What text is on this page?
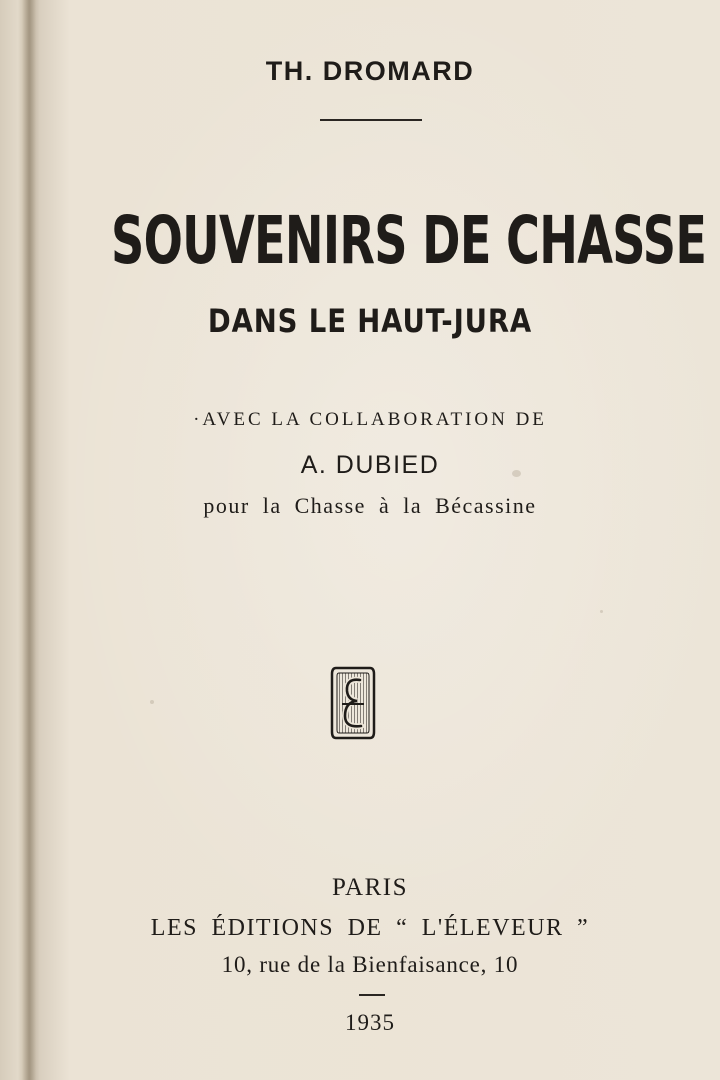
TH. DROMARD
SOUVENIRS DE CHASSE
DANS LE HAUT-JURA
·AVEC LA COLLABORATION DE
A. DUBIED
pour la Chasse à la Bécassine
PARIS
LES ÉDITIONS DE “ L'ÉLEVEUR ”
10, rue de la Bienfaisance, 10
1935
